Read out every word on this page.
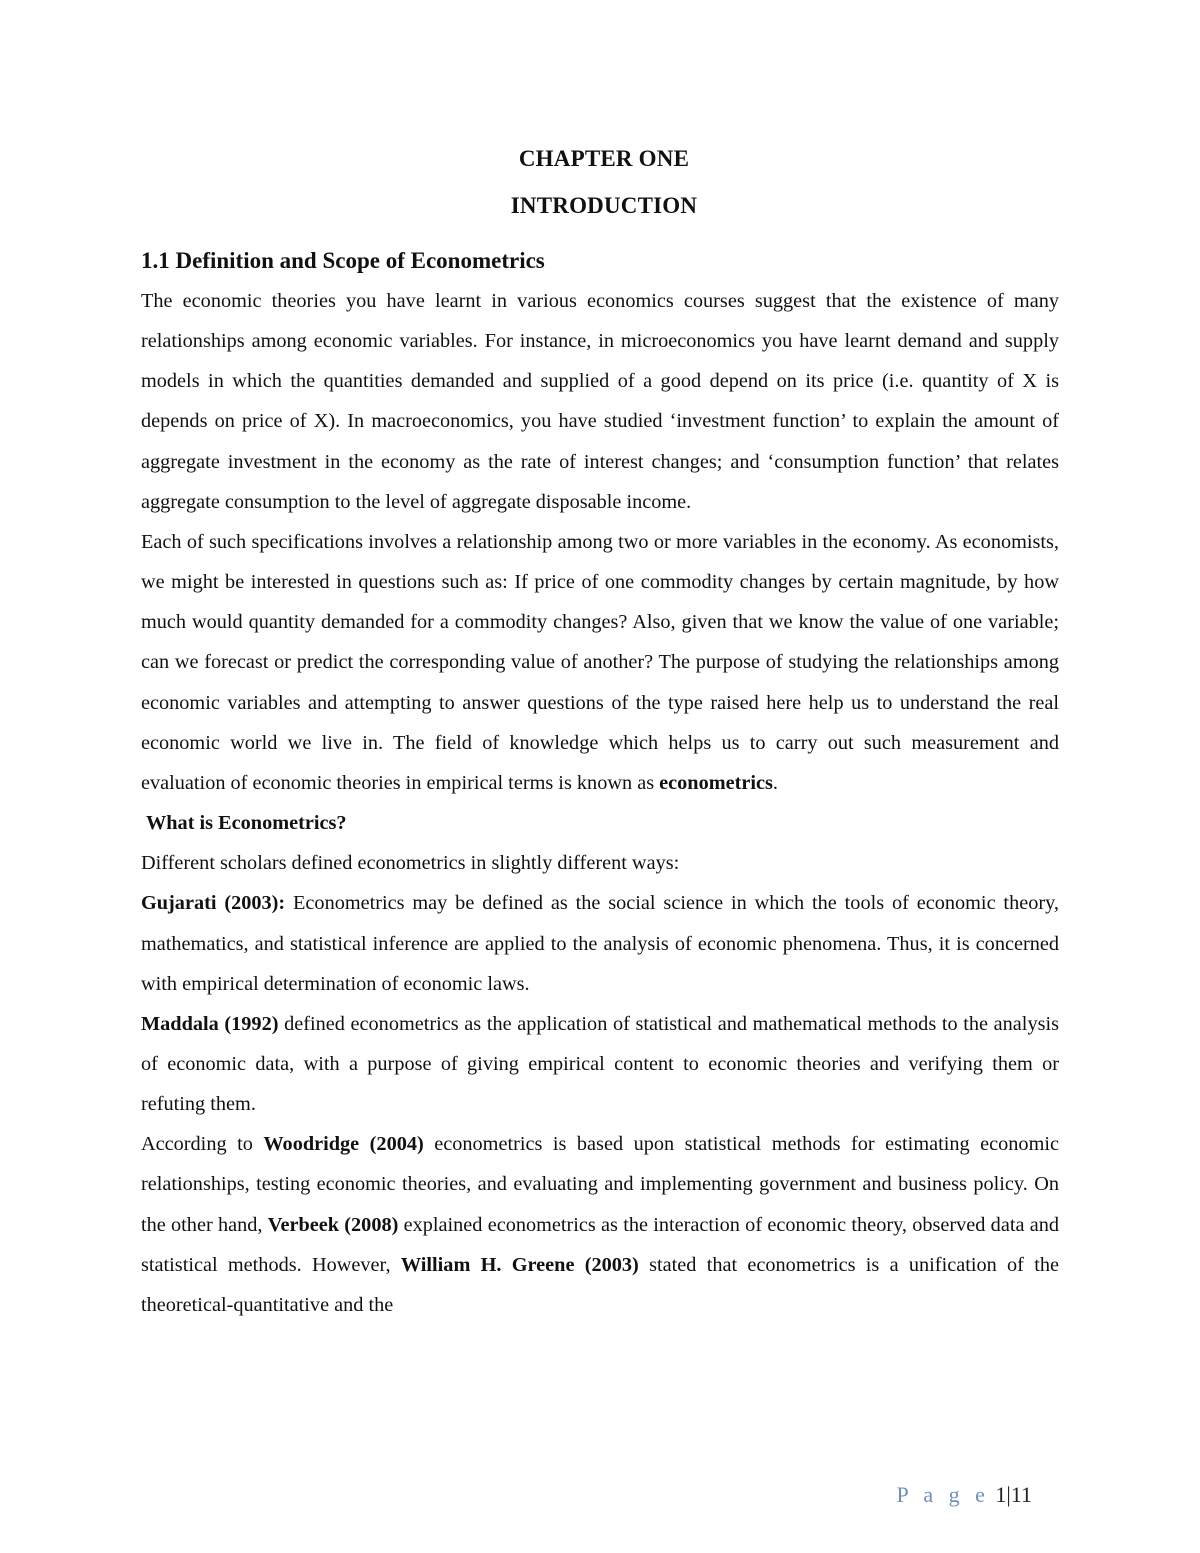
CHAPTER ONE
INTRODUCTION
1.1 Definition and Scope of Econometrics

The economic theories you have learnt in various economics courses suggest that the existence of many relationships among economic variables. For instance, in microeconomics you have learnt demand and supply models in which the quantities demanded and supplied of a good depend on its price (i.e. quantity of X is depends on price of X). In macroeconomics, you have studied ‘investment function’ to explain the amount of aggregate investment in the economy as the rate of interest changes; and ‘consumption function’ that relates aggregate consumption to the level of aggregate disposable income.

Each of such specifications involves a relationship among two or more variables in the economy. As economists, we might be interested in questions such as: If price of one commodity changes by certain magnitude, by how much would quantity demanded for a commodity changes? Also, given that we know the value of one variable; can we forecast or predict the corresponding value of another? The purpose of studying the relationships among economic variables and attempting to answer questions of the type raised here help us to understand the real economic world we live in. The field of knowledge which helps us to carry out such measurement and evaluation of economic theories in empirical terms is known as econometrics.

What is Econometrics?

Different scholars defined econometrics in slightly different ways:

Gujarati (2003): Econometrics may be defined as the social science in which the tools of economic theory, mathematics, and statistical inference are applied to the analysis of economic phenomena. Thus, it is concerned with empirical determination of economic laws.

Maddala (1992) defined econometrics as the application of statistical and mathematical methods to the analysis of economic data, with a purpose of giving empirical content to economic theories and verifying them or refuting them.

According to Woodridge (2004) econometrics is based upon statistical methods for estimating economic relationships, testing economic theories, and evaluating and implementing government and business policy. On the other hand, Verbeek (2008) explained econometrics as the interaction of economic theory, observed data and statistical methods. However, William H. Greene (2003) stated that econometrics is a unification of the theoretical-quantitative and the

P a g e 1|11
